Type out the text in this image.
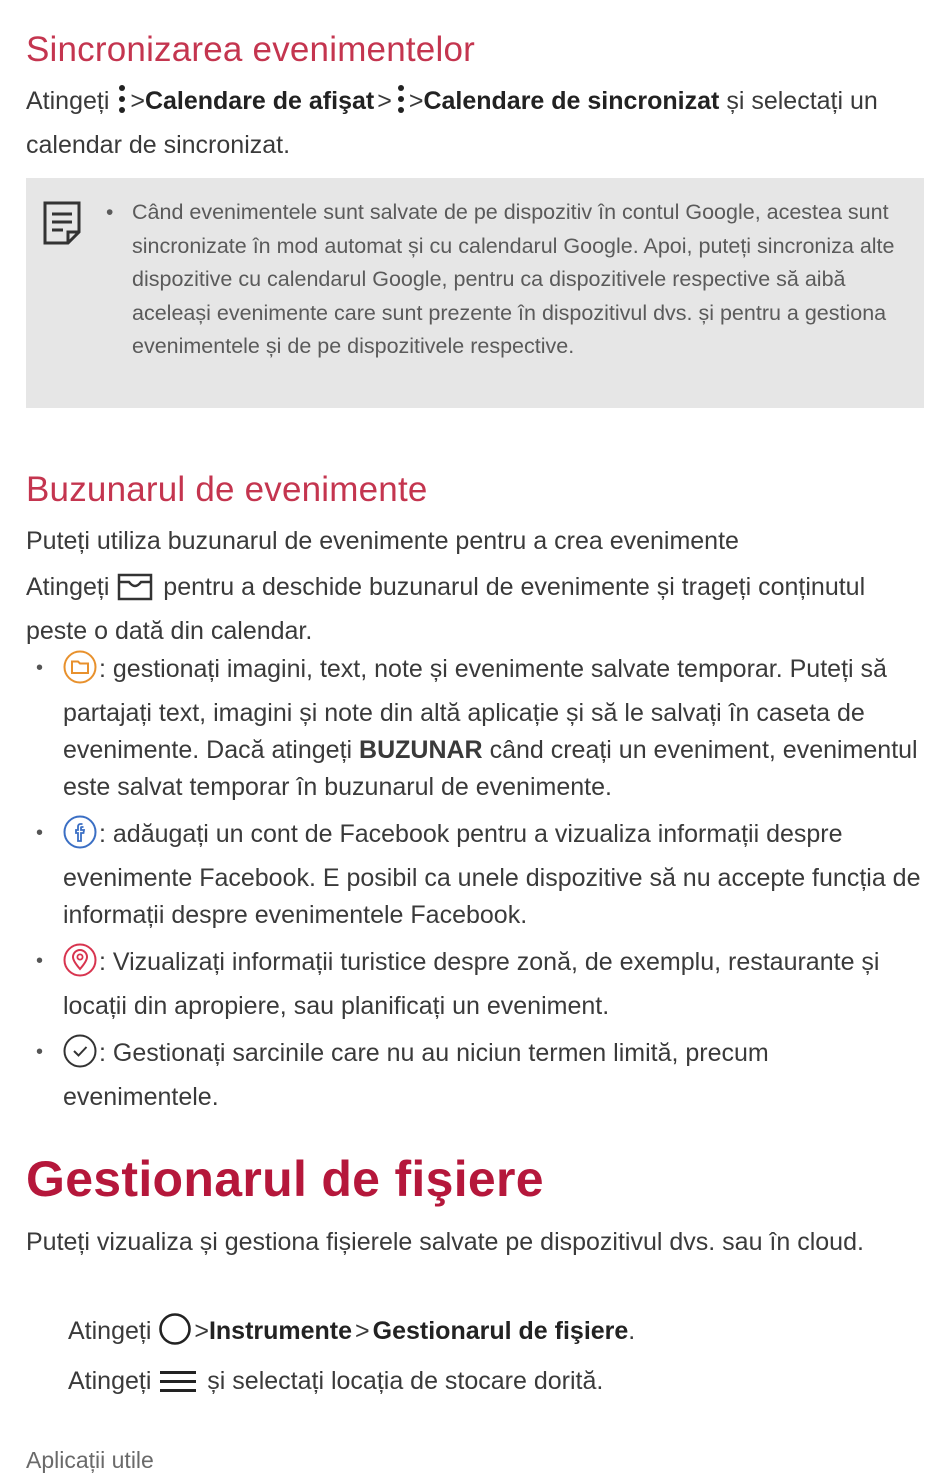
Sincronizarea evenimentelor
Atingeți >Calendare de afişat > >Calendare de sincronizat și selectați un calendar de sincronizat.
• Când evenimentele sunt salvate de pe dispozitiv în contul Google, acestea sunt sincronizate în mod automat și cu calendarul Google. Apoi, puteți sincroniza alte dispozitive cu calendarul Google, pentru ca dispozitivele respective să aibă aceleași evenimente care sunt prezente în dispozitivul dvs. și pentru a gestiona evenimentele și de pe dispozitivele respective.
Buzunarul de evenimente
Puteți utiliza buzunarul de evenimente pentru a crea evenimente
Atingeți pentru a deschide buzunarul de evenimente și trageți conținutul peste o dată din calendar.
• : gestionați imagini, text, note și evenimente salvate temporar. Puteți să partajați text, imagini și note din altă aplicație și să le salvați în caseta de evenimente. Dacă atingeți BUZUNAR când creați un eveniment, evenimentul este salvat temporar în buzunarul de evenimente.
• : adăugați un cont de Facebook pentru a vizualiza informații despre evenimente Facebook. E posibil ca unele dispozitive să nu accepte funcția de informații despre evenimentele Facebook.
• : Vizualizați informații turistice despre zonă, de exemplu, restaurante și locații din apropiere, sau planificați un eveniment.
• : Gestionați sarcinile care nu au niciun termen limită, precum evenimentele.
Gestionarul de fişiere
Puteți vizualiza și gestiona fișierele salvate pe dispozitivul dvs. sau în cloud.
Atingeți >Instrumente > Gestionarul de fişiere.
Atingeți și selectați locația de stocare dorită.
Aplicații utile
